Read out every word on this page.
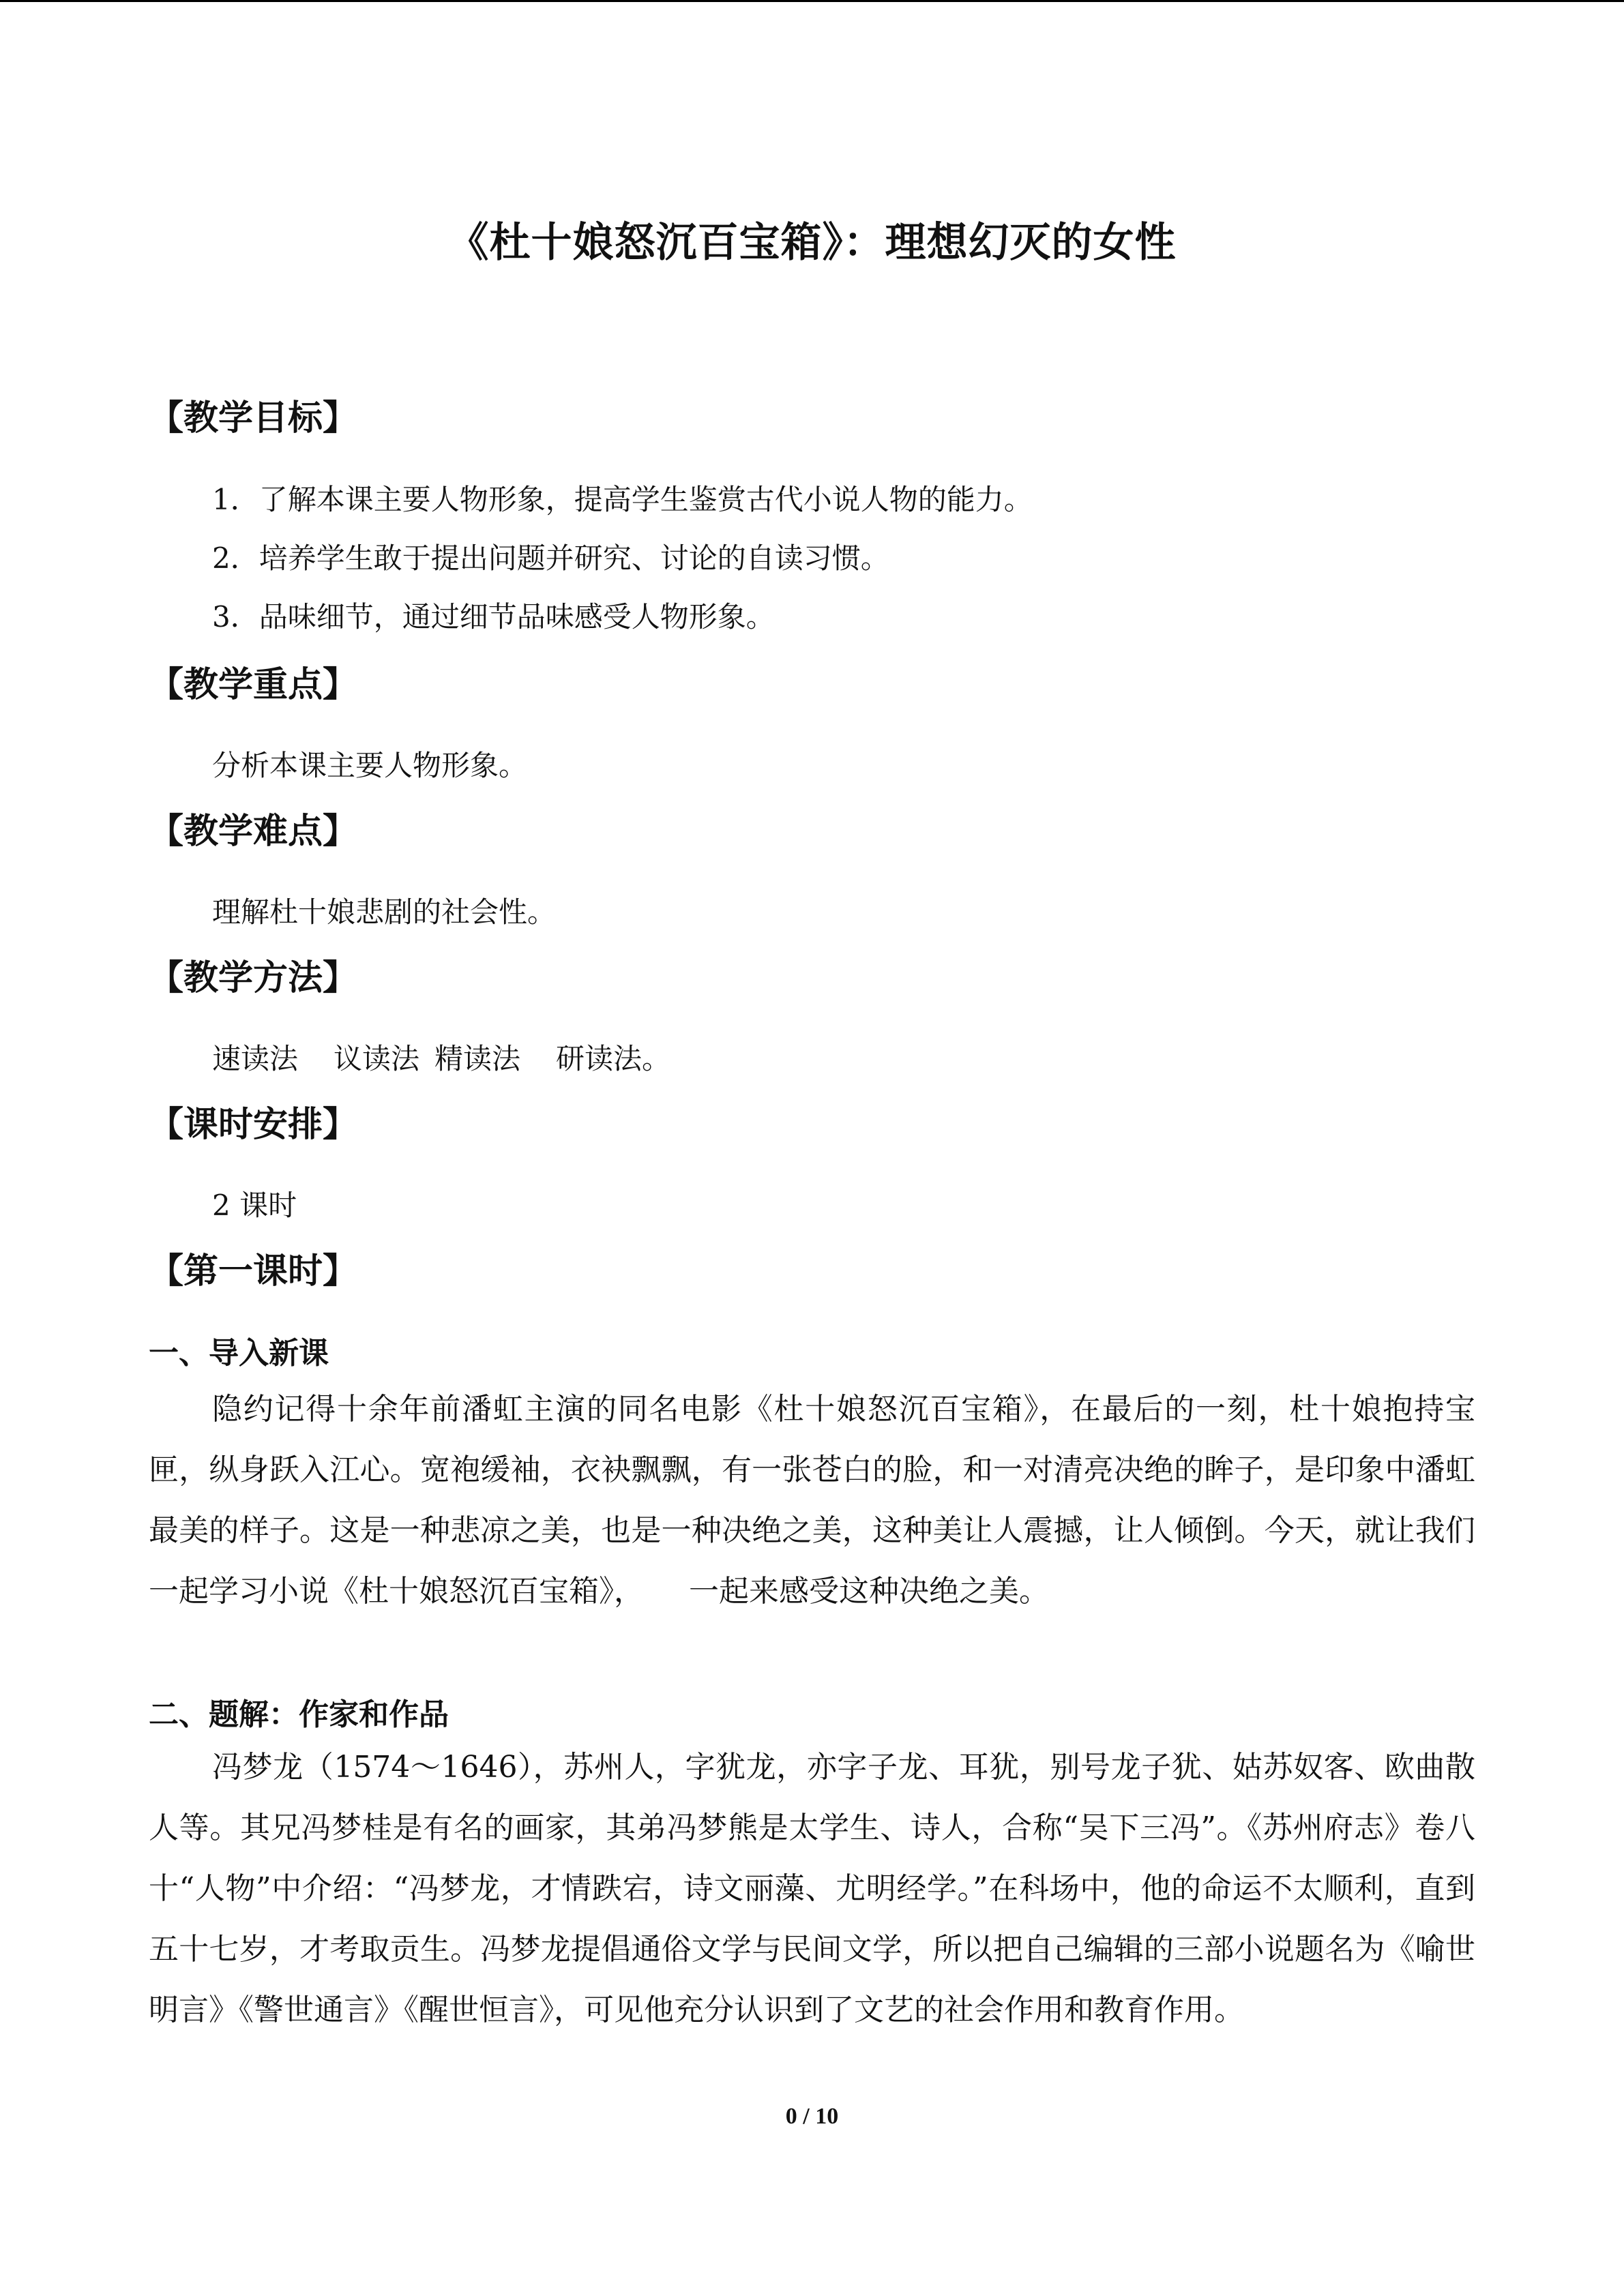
《杜十娘怒沉百宝箱》：理想幻灭的女性
【教学目标】
1．了解本课主要人物形象，提高学生鉴赏古代小说人物的能力。
2．培养学生敢于提出问题并研究、讨论的自读习惯。
3．品味细节，通过细节品味感受人物形象。
【教学重点】
分析本课主要人物形象。
【教学难点】
理解杜十娘悲剧的社会性。
【教学方法】
速读法 议读法 精读法 研读法。
【课时安排】
2 课时
【第一课时】
一、导入新课
隐约记得十余年前潘虹主演的同名电影《杜十娘怒沉百宝箱》，在最后的一刻，杜十娘抱持宝匣，纵身跃入江心。宽袍缓袖，衣袂飘飘，有一张苍白的脸，和一对清亮决绝的眸子，是印象中潘虹最美的样子。这是一种悲凉之美，也是一种决绝之美，这种美让人震撼，让人倾倒。今天，就让我们一起学习小说《杜十娘怒沉百宝箱》，　　一起来感受这种决绝之美。
二、题解：作家和作品
冯梦龙（1574～1646），苏州人，字犹龙，亦字子龙、耳犹，别号龙子犹、姑苏奴客、欧曲散人等。其兄冯梦桂是有名的画家，其弟冯梦熊是太学生、诗人，合称“吴下三冯”。《苏州府志》卷八十“人物”中介绍：“冯梦龙，才情跌宕，诗文丽藻、尤明经学。”在科场中，他的命运不太顺利，直到五十七岁，才考取贡生。冯梦龙提倡通俗文学与民间文学，所以把自己编辑的三部小说题名为《喻世明言》《警世通言》《醒世恒言》，可见他充分认识到了文艺的社会作用和教育作用。
0 / 10
